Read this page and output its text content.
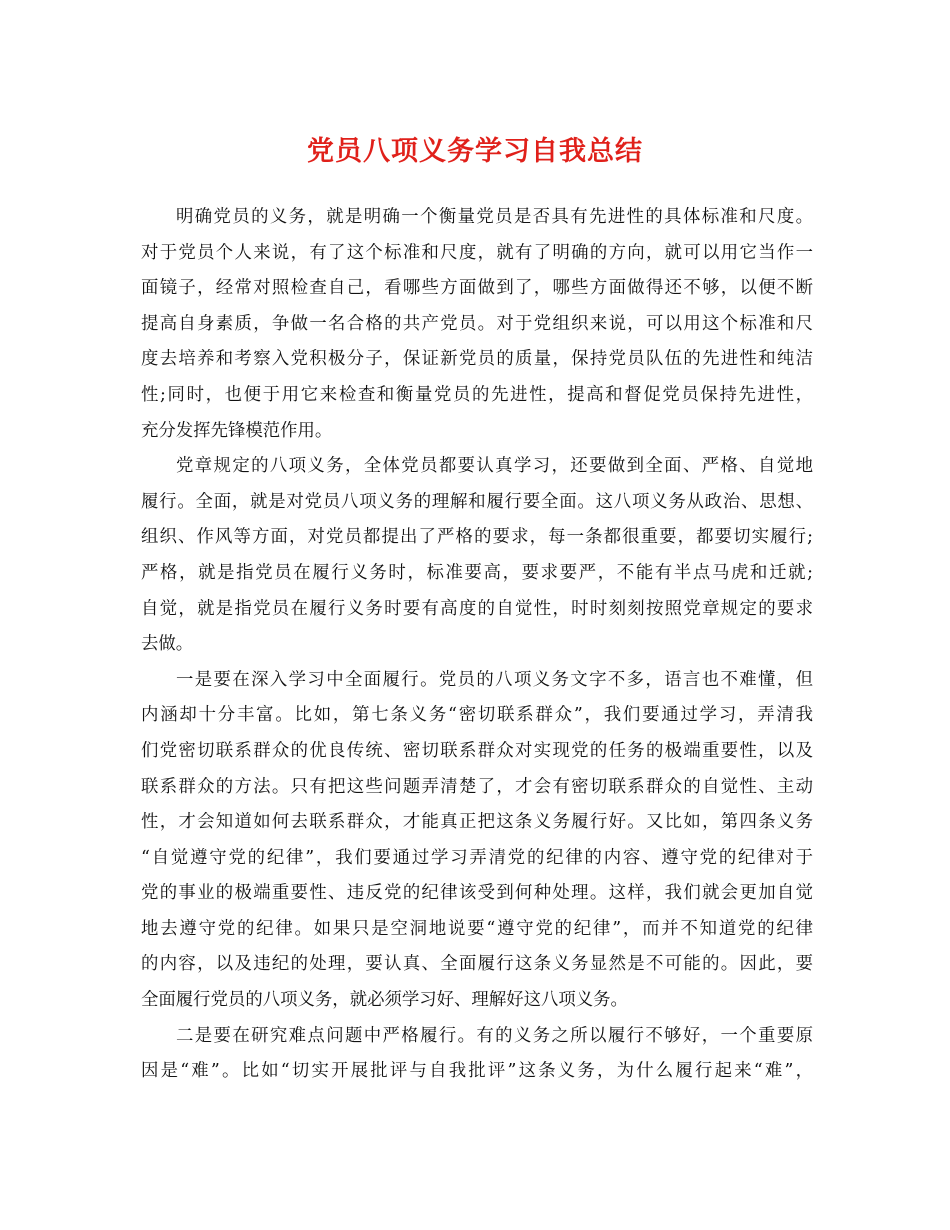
党员八项义务学习自我总结
明确党员的义务，就是明确一个衡量党员是否具有先进性的具体标准和尺度。
对于党员个人来说，有了这个标准和尺度，就有了明确的方向，就可以用它当作一
面镜子，经常对照检查自己，看哪些方面做到了，哪些方面做得还不够，以便不断
提高自身素质，争做一名合格的共产党员。对于党组织来说，可以用这个标准和尺
度去培养和考察入党积极分子，保证新党员的质量，保持党员队伍的先进性和纯洁
性;同时，也便于用它来检查和衡量党员的先进性，提高和督促党员保持先进性，
充分发挥先锋模范作用。
党章规定的八项义务，全体党员都要认真学习，还要做到全面、严格、自觉地
履行。全面，就是对党员八项义务的理解和履行要全面。这八项义务从政治、思想、
组织、作风等方面，对党员都提出了严格的要求，每一条都很重要，都要切实履行;
严格，就是指党员在履行义务时，标准要高，要求要严，不能有半点马虎和迁就;
自觉，就是指党员在履行义务时要有高度的自觉性，时时刻刻按照党章规定的要求
去做。
一是要在深入学习中全面履行。党员的八项义务文字不多，语言也不难懂，但
内涵却十分丰富。比如，第七条义务“密切联系群众”，我们要通过学习，弄清我
们党密切联系群众的优良传统、密切联系群众对实现党的任务的极端重要性，以及
联系群众的方法。只有把这些问题弄清楚了，才会有密切联系群众的自觉性、主动
性，才会知道如何去联系群众，才能真正把这条义务履行好。又比如，第四条义务
“自觉遵守党的纪律”，我们要通过学习弄清党的纪律的内容、遵守党的纪律对于
党的事业的极端重要性、违反党的纪律该受到何种处理。这样，我们就会更加自觉
地去遵守党的纪律。如果只是空洞地说要“遵守党的纪律”，而并不知道党的纪律
的内容，以及违纪的处理，要认真、全面履行这条义务显然是不可能的。因此，要
全面履行党员的八项义务，就必须学习好、理解好这八项义务。
二是要在研究难点问题中严格履行。有的义务之所以履行不够好，一个重要原
因是“难”。比如“切实开展批评与自我批评”这条义务，为什么履行起来“难”，
